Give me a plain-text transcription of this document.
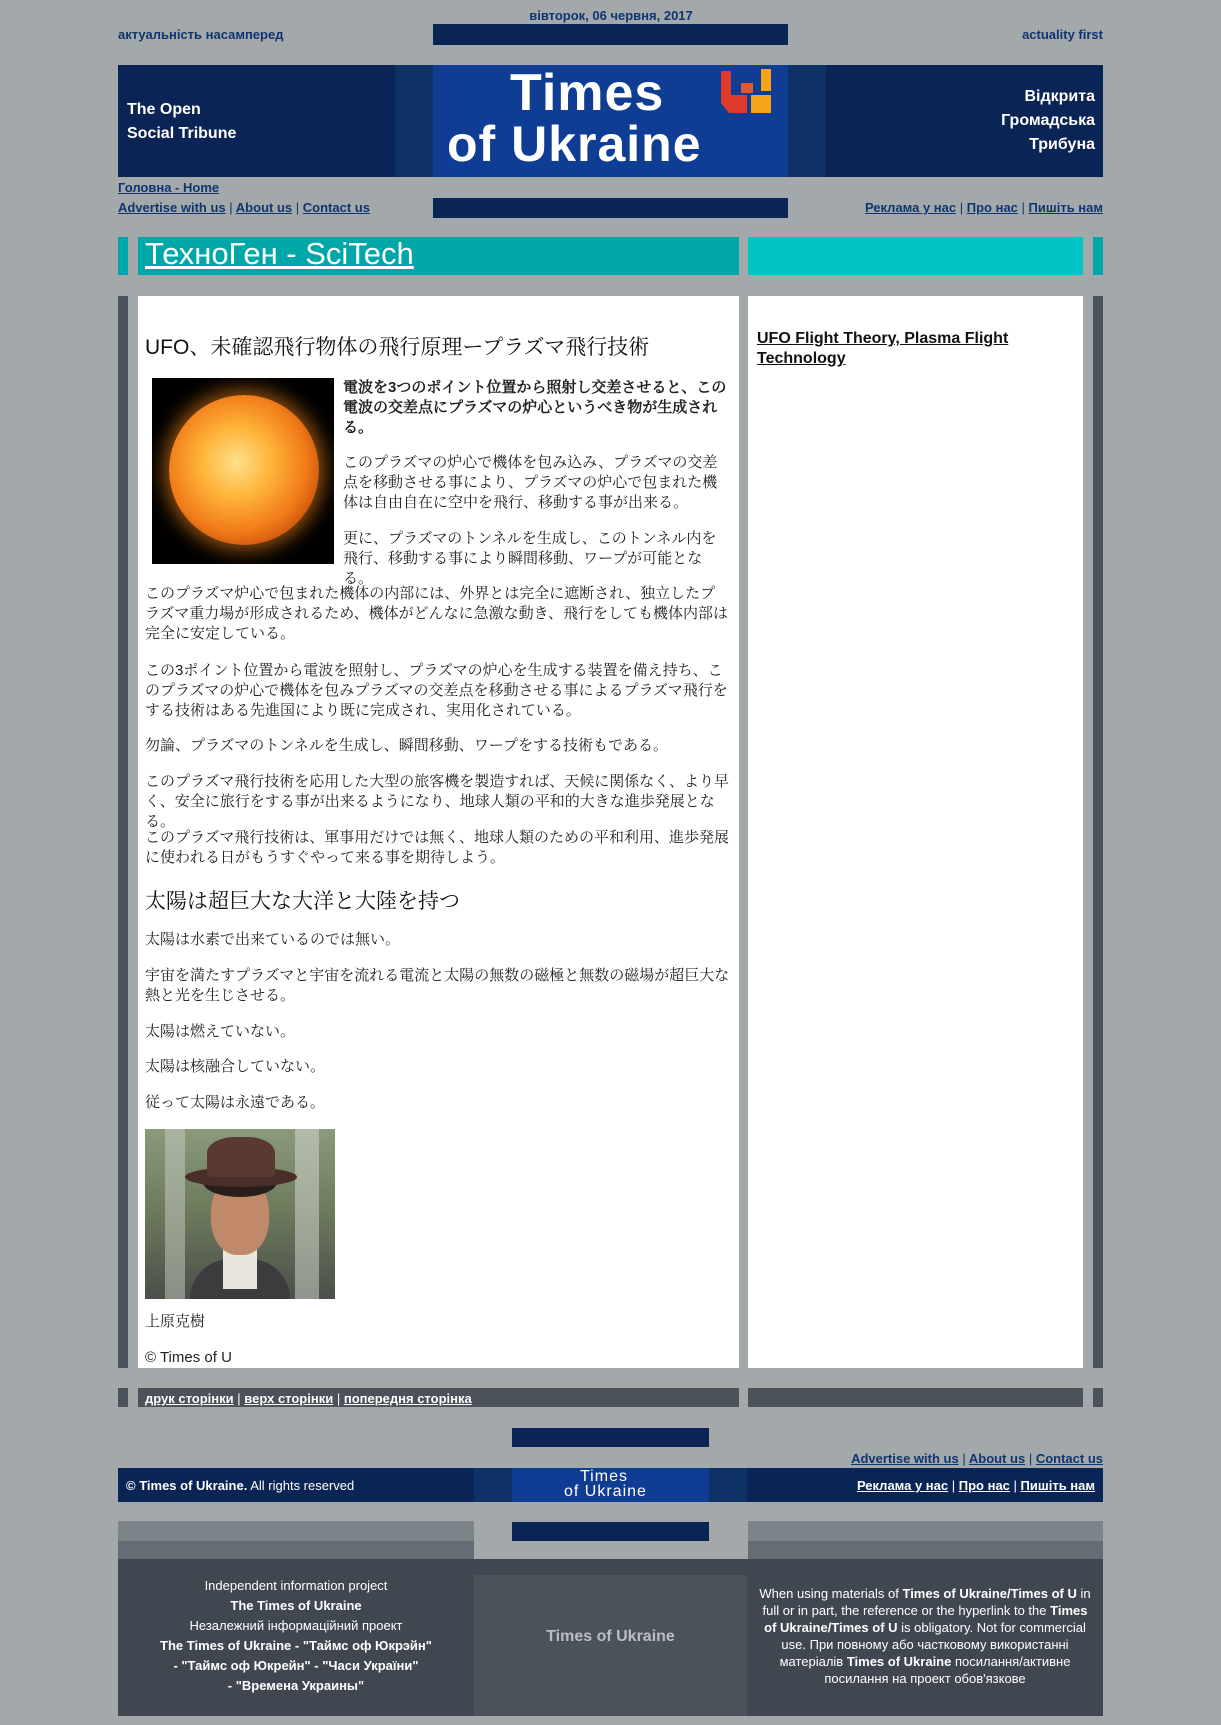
вівторок, 06 червня, 2017
актуальність насамперед	actuality first
Times
of Ukraine
The Open
Social Tribune
Відкрита
Громадська
Трибуна
Головна - Home
Advertise with us | About us | Contact us	Реклама у нас | Про нас | Пишіть нам
ТехноГен - SciTech
UFO、未確認飛行物体の飛行原理ープラズマ飛行技術
電波を3つのポイント位置から照射し交差させると、この電波の交差点にプラズマの炉心というべき物が生成される。
このプラズマの炉心で機体を包み込み、プラズマの交差点を移動させる事により、プラズマの炉心で包まれた機体は自由自在に空中を飛行、移動する事が出来る。
更に、プラズマのトンネルを生成し、このトンネル内を飛行、移動する事により瞬間移動、ワープが可能となる。
このプラズマ炉心で包まれた機体の内部には、外界とは完全に遮断され、独立したプラズマ重力場が形成されるため、機体がどんなに急激な動き、飛行をしても機体内部は完全に安定している。
この3ポイント位置から電波を照射し、プラズマの炉心を生成する装置を備え持ち、このプラズマの炉心で機体を包みプラズマの交差点を移動させる事によるプラズマ飛行をする技術はある先進国により既に完成され、実用化されている。
勿論、プラズマのトンネルを生成し、瞬間移動、ワープをする技術もである。
このプラズマ飛行技術を応用した大型の旅客機を製造すれば、天候に関係なく、より早く、安全に旅行をする事が出来るようになり、地球人類の平和的大きな進歩発展となる。
このプラズマ飛行技術は、軍事用だけでは無く、地球人類のための平和利用、進歩発展に使われる日がもうすぐやって来る事を期待しよう。
太陽は超巨大な大洋と大陸を持つ
太陽は水素で出来ているのでは無い。
宇宙を満たすプラズマと宇宙を流れる電流と太陽の無数の磁極と無数の磁場が超巨大な熱と光を生じさせる。
太陽は燃えていない。
太陽は核融合していない。
従って太陽は永遠である。
上原克樹
© Times of U
UFO Flight Theory, Plasma Flight Technology
друк сторінки | верх сторінки | попередня сторінка
Advertise with us | About us | Contact us
Times
of Ukraine
© Times of Ukraine. All rights reserved	Реклама у нас | Про нас | Пишіть нам
Independent information project
The Times of Ukraine
Незалежний інформаційний проект
The Times of Ukraine - "Таймс оф Юкрэйн"
- "Таймс оф Юкрейн" - "Часи України"
- "Времена Украины"
Times of Ukraine
When using materials of Times of Ukraine/Times of U in full or in part, the reference or the hyperlink to the Times of Ukraine/Times of U is obligatory. Not for commercial use. При повному або частковому використанні матеріалів Times of Ukraine посилання/активне посилання на проект обов'язкове
